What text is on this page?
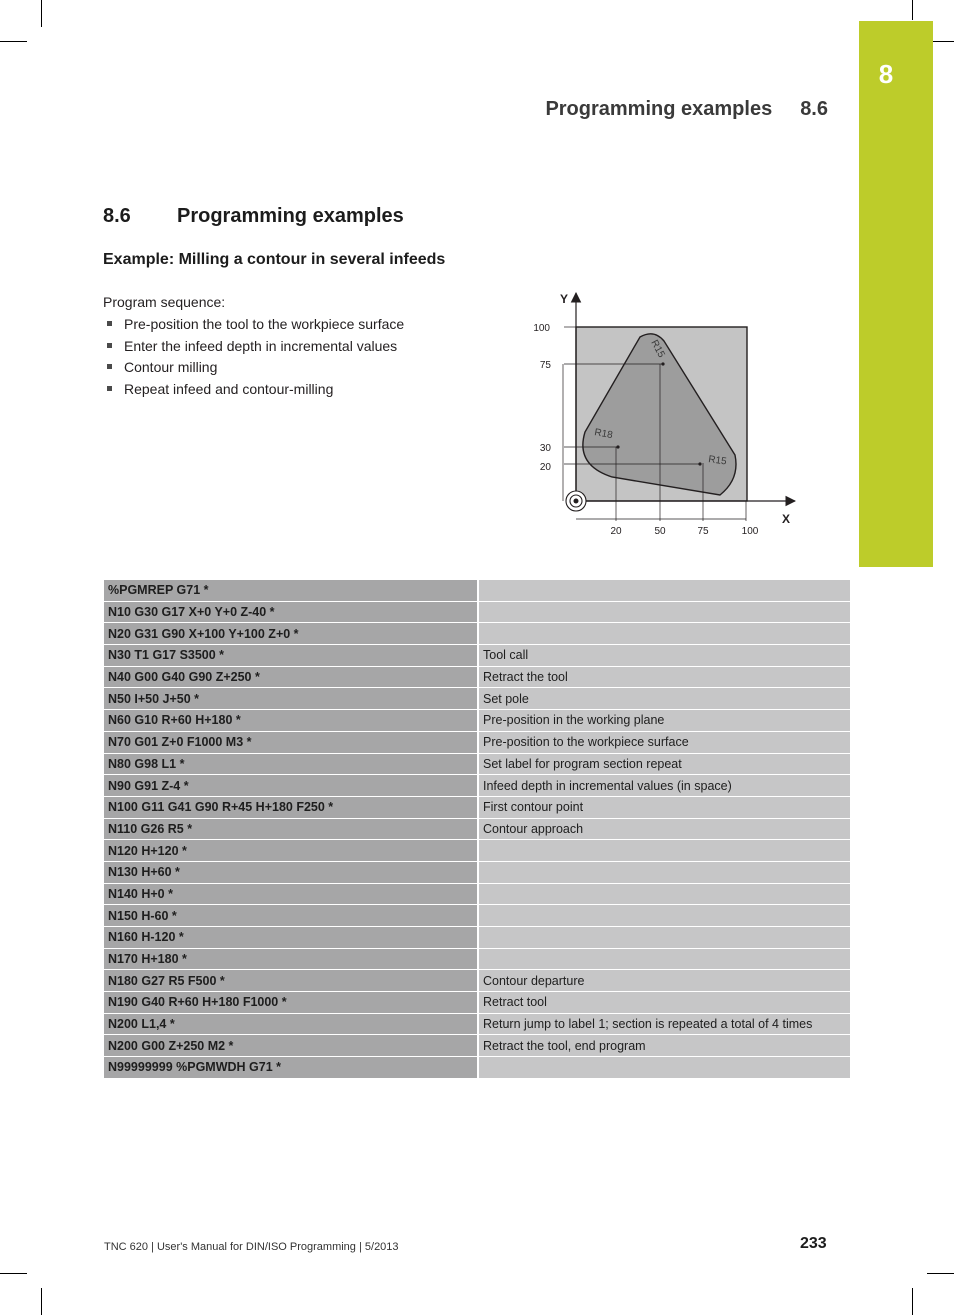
8
Programming examples 8.6
8.6 Programming examples
Example: Milling a contour in several infeeds
Program sequence:
Pre-position the tool to the workpiece surface
Enter the infeed depth in incremental values
Contour milling
Repeat infeed and contour-milling
Y
X
100
75
30
20
20	50	75	100
R15
R18
R15
%PGMREP G71 *	
N10 G30 G17 X+0 Y+0 Z-40 *	
N20 G31 G90 X+100 Y+100 Z+0 *	
N30 T1 G17 S3500 *	Tool call
N40 G00 G40 G90 Z+250 *	Retract the tool
N50 I+50 J+50 *	Set pole
N60 G10 R+60 H+180 *	Pre-position in the working plane
N70 G01 Z+0 F1000 M3 *	Pre-position to the workpiece surface
N80 G98 L1 *	Set label for program section repeat
N90 G91 Z-4 *	Infeed depth in incremental values (in space)
N100 G11 G41 G90 R+45 H+180 F250 *	First contour point
N110 G26 R5 *	Contour approach
N120 H+120 *	
N130 H+60 *	
N140 H+0 *	
N150 H-60 *	
N160 H-120 *	
N170 H+180 *	
N180 G27 R5 F500 *	Contour departure
N190 G40 R+60 H+180 F1000 *	Retract tool
N200 L1,4 *	Return jump to label 1; section is repeated a total of 4 times
N200 G00 Z+250 M2 *	Retract the tool, end program
N99999999 %PGMWDH G71 *	
TNC 620 | User's Manual for DIN/ISO Programming | 5/2013	233
